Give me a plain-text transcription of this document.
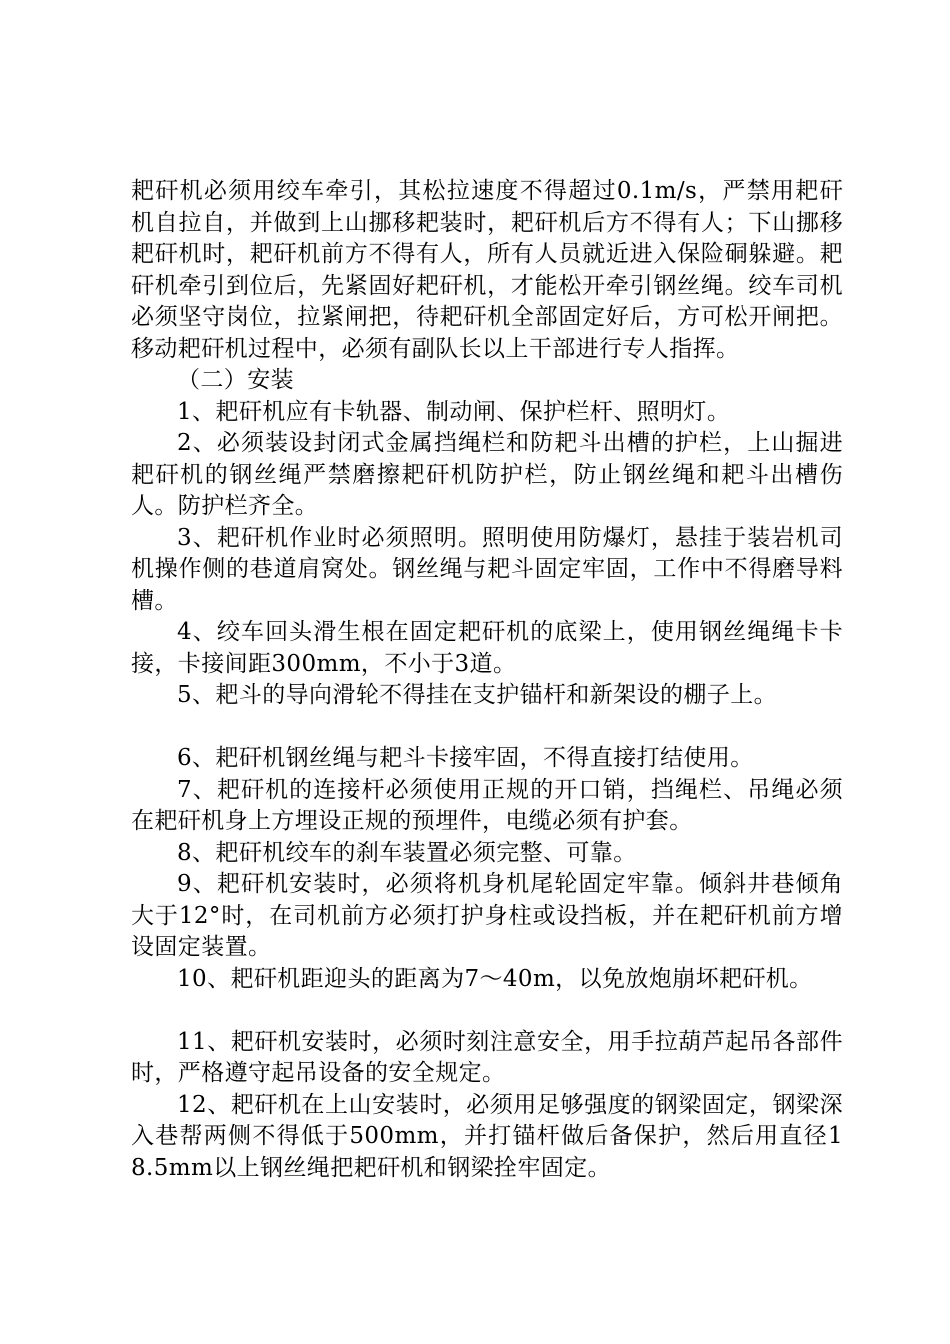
耙矸机必须用绞车牵引，其松拉速度不得超过0.1m/s，严禁用耙矸机自拉自，并做到上山挪移耙装时，耙矸机后方不得有人；下山挪移耙矸机时，耙矸机前方不得有人，所有人员就近进入保险硐躲避。耙矸机牵引到位后，先紧固好耙矸机，才能松开牵引钢丝绳。绞车司机必须坚守岗位，拉紧闸把，待耙矸机全部固定好后，方可松开闸把。移动耙矸机过程中，必须有副队长以上干部进行专人指挥。

（二）安装

1、耙矸机应有卡轨器、制动闸、保护栏杆、照明灯。

2、必须装设封闭式金属挡绳栏和防耙斗出槽的护栏，上山掘进耙矸机的钢丝绳严禁磨擦耙矸机防护栏，防止钢丝绳和耙斗出槽伤人。防护栏齐全。

3、耙矸机作业时必须照明。照明使用防爆灯，悬挂于装岩机司机操作侧的巷道肩窝处。钢丝绳与耙斗固定牢固，工作中不得磨导料槽。

4、绞车回头滑生根在固定耙矸机的底梁上，使用钢丝绳绳卡卡接，卡接间距300mm，不小于3道。

5、耙斗的导向滑轮不得挂在支护锚杆和新架设的棚子上。

6、耙矸机钢丝绳与耙斗卡接牢固，不得直接打结使用。

7、耙矸机的连接杆必须使用正规的开口销，挡绳栏、吊绳必须在耙矸机身上方埋设正规的预埋件，电缆必须有护套。

8、耙矸机绞车的刹车装置必须完整、可靠。

9、耙矸机安装时，必须将机身机尾轮固定牢靠。倾斜井巷倾角大于12°时，在司机前方必须打护身柱或设挡板，并在耙矸机前方增设固定装置。

10、耙矸机距迎头的距离为7～40m，以免放炮崩坏耙矸机。

11、耙矸机安装时，必须时刻注意安全，用手拉葫芦起吊各部件时，严格遵守起吊设备的安全规定。

12、耙矸机在上山安装时，必须用足够强度的钢梁固定，钢梁深入巷帮两侧不得低于500mm，并打锚杆做后备保护，然后用直径18.5mm以上钢丝绳把耙矸机和钢梁拴牢固定。
